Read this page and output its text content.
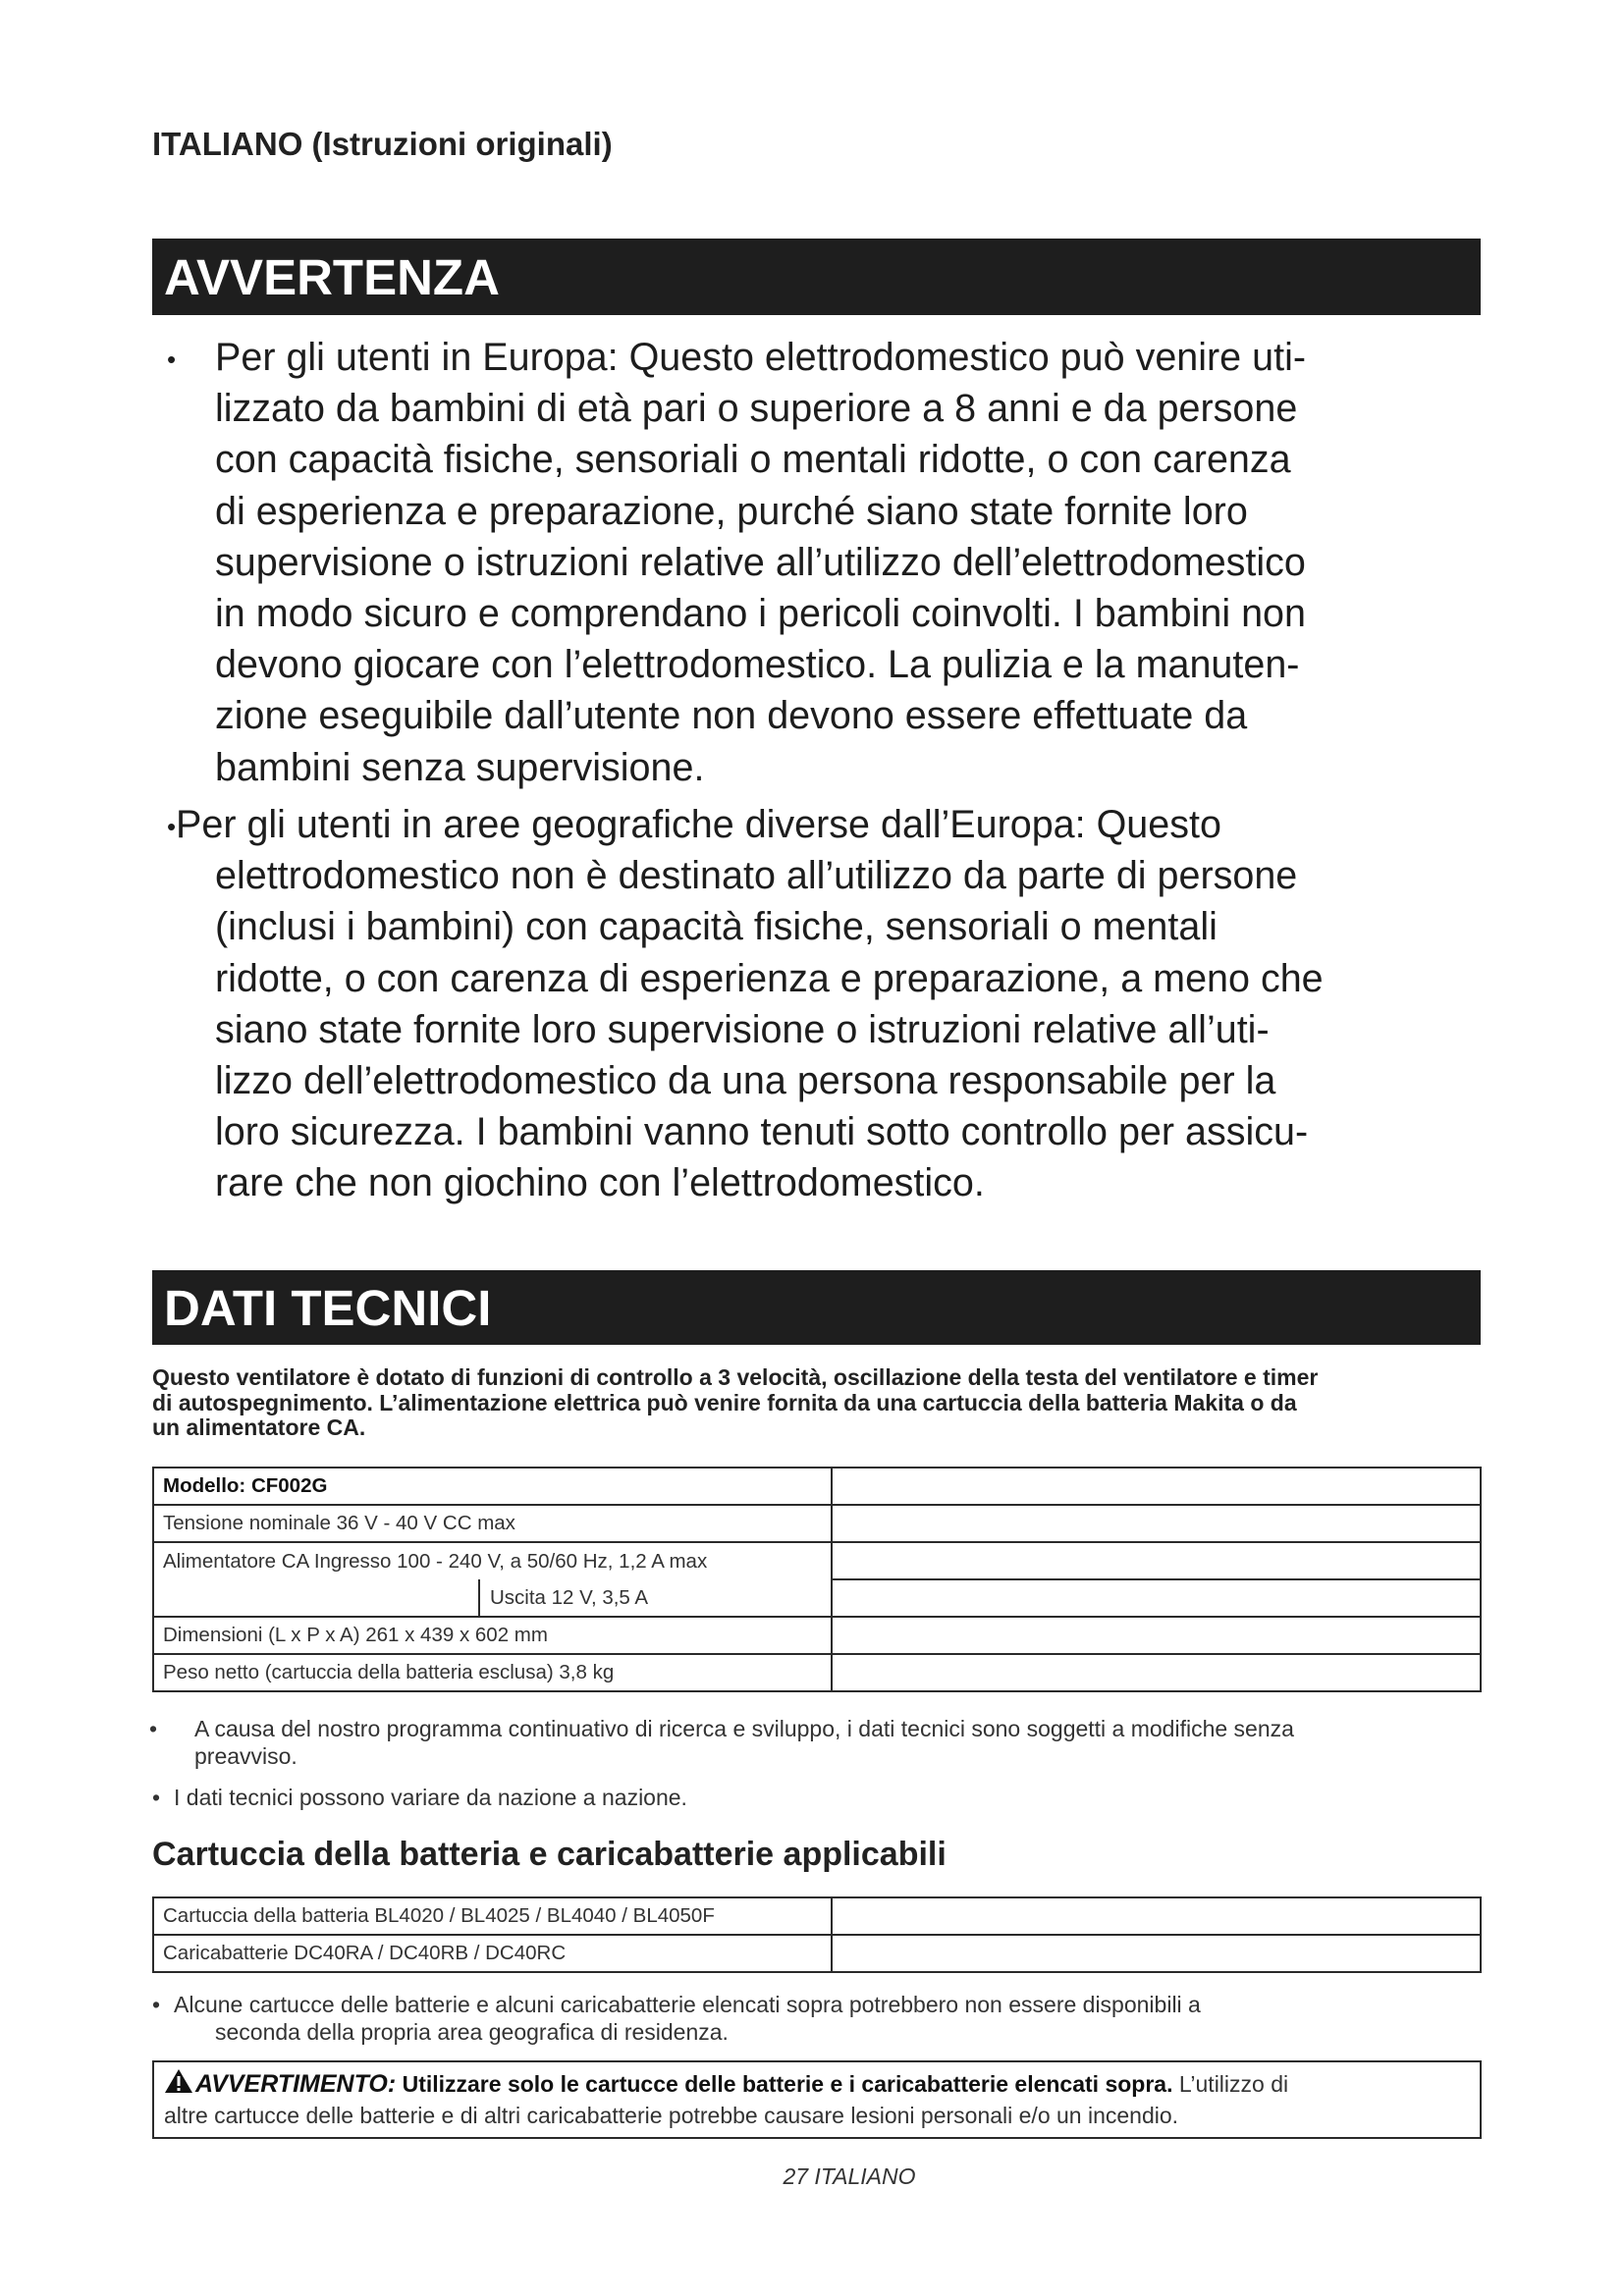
ITALIANO (Istruzioni originali)
AVVERTENZA
• Per gli utenti in Europa: Questo elettrodomestico può venire uti-
lizzato da bambini di età pari o superiore a 8 anni e da persone
con capacità fisiche, sensoriali o mentali ridotte, o con carenza
di esperienza e preparazione, purché siano state fornite loro
supervisione o istruzioni relative all’utilizzo dell’elettrodomestico
in modo sicuro e comprendano i pericoli coinvolti. I bambini non
devono giocare con l’elettrodomestico. La pulizia e la manuten-
zione eseguibile dall’utente non devono essere effettuate da
bambini senza supervisione.
• Per gli utenti in aree geografiche diverse dall’Europa: Questo
elettrodomestico non è destinato all’utilizzo da parte di persone
(inclusi i bambini) con capacità fisiche, sensoriali o mentali
ridotte, o con carenza di esperienza e preparazione, a meno che
siano state fornite loro supervisione o istruzioni relative all’uti-
lizzo dell’elettrodomestico da una persona responsabile per la
loro sicurezza. I bambini vanno tenuti sotto controllo per assicu-
rare che non giochino con l’elettrodomestico.
DATI TECNICI
Questo ventilatore è dotato di funzioni di controllo a 3 velocità, oscillazione della testa del ventilatore e timer
di autospegnimento. L’alimentazione elettrica può venire fornita da una cartuccia della batteria Makita o da
un alimentatore CA.
Modello: CF002G	
Tensione nominale 36 V - 40 V CC max	
Alimentatore CA Ingresso 100 - 240 V, a 50/60 Hz, 1,2 A max	

Uscita 12 V, 3,5 A	

Dimensioni (L x P x A) 261 x 439 x 602 mm	
Peso netto (cartuccia della batteria esclusa) 3,8 kg	
• A causa del nostro programma continuativo di ricerca e sviluppo, i dati tecnici sono soggetti a modifiche senza
preavviso.
• I dati tecnici possono variare da nazione a nazione.
Cartuccia della batteria e caricabatterie applicabili
Cartuccia della batteria BL4020 / BL4025 / BL4040 / BL4050F	
Caricabatterie DC40RA / DC40RB / DC40RC	
• Alcune cartucce delle batterie e alcuni caricabatterie elencati sopra potrebbero non essere disponibili a
seconda della propria area geografica di residenza.
AVVERTIMENTO: Utilizzare solo le cartucce delle batterie e i caricabatterie elencati sopra. L’utilizzo di
altre cartucce delle batterie e di altri caricabatterie potrebbe causare lesioni personali e/o un incendio.
27 ITALIANO
